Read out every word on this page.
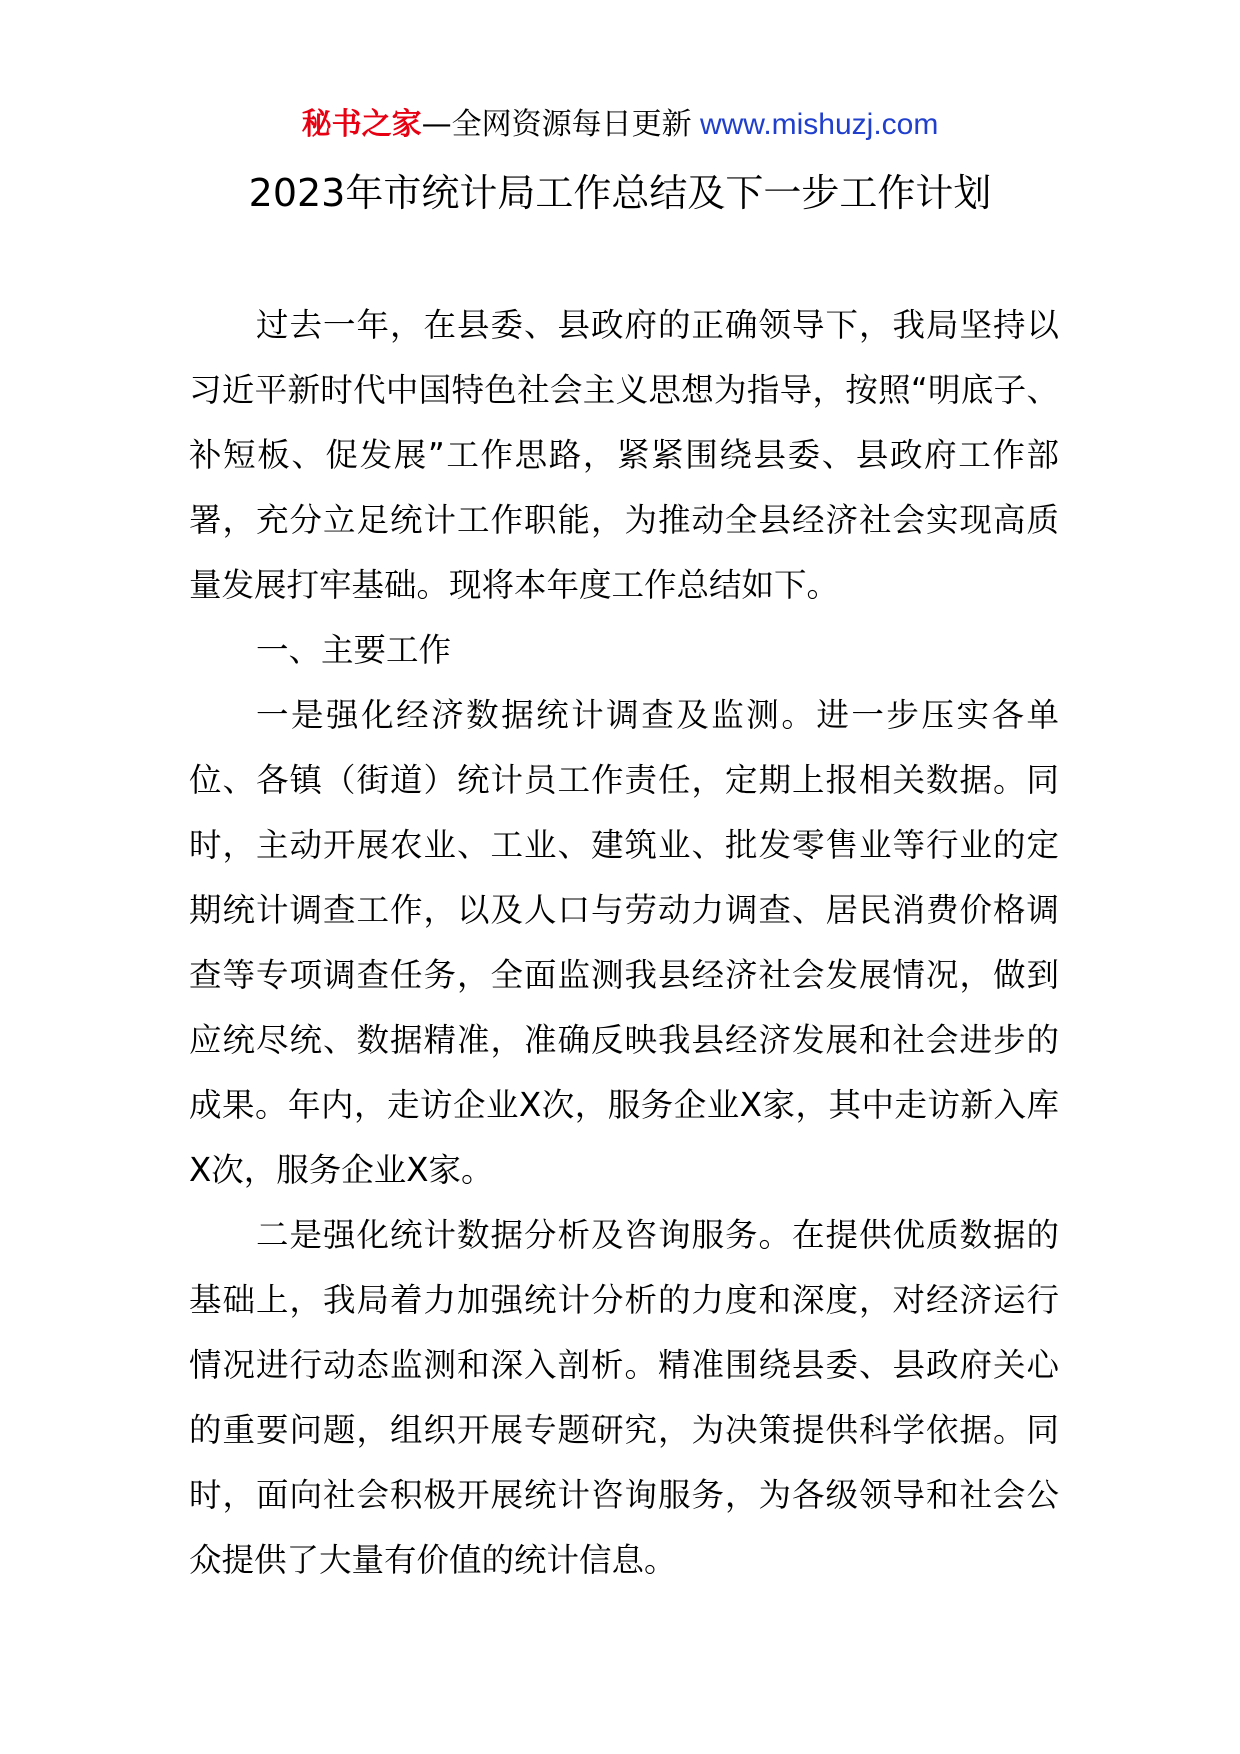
秘书之家—全网资源每日更新 www.mishuzj.com
2023年市统计局工作总结及下一步工作计划

过去一年，在县委、县政府的正确领导下，我局坚持以习近平新时代中国特色社会主义思想为指导，按照“明底子、补短板、促发展”工作思路，紧紧围绕县委、县政府工作部署，充分立足统计工作职能，为推动全县经济社会实现高质量发展打牢基础。现将本年度工作总结如下。

一、主要工作

一是强化经济数据统计调查及监测。进一步压实各单位、各镇（街道）统计员工作责任，定期上报相关数据。同时，主动开展农业、工业、建筑业、批发零售业等行业的定期统计调查工作，以及人口与劳动力调查、居民消费价格调查等专项调查任务，全面监测我县经济社会发展情况，做到应统尽统、数据精准，准确反映我县经济发展和社会进步的成果。年内，走访企业X次，服务企业X家，其中走访新入库X次，服务企业X家。

二是强化统计数据分析及咨询服务。在提供优质数据的基础上，我局着力加强统计分析的力度和深度，对经济运行情况进行动态监测和深入剖析。精准围绕县委、县政府关心的重要问题，组织开展专题研究，为决策提供科学依据。同时，面向社会积极开展统计咨询服务，为各级领导和社会公众提供了大量有价值的统计信息。
